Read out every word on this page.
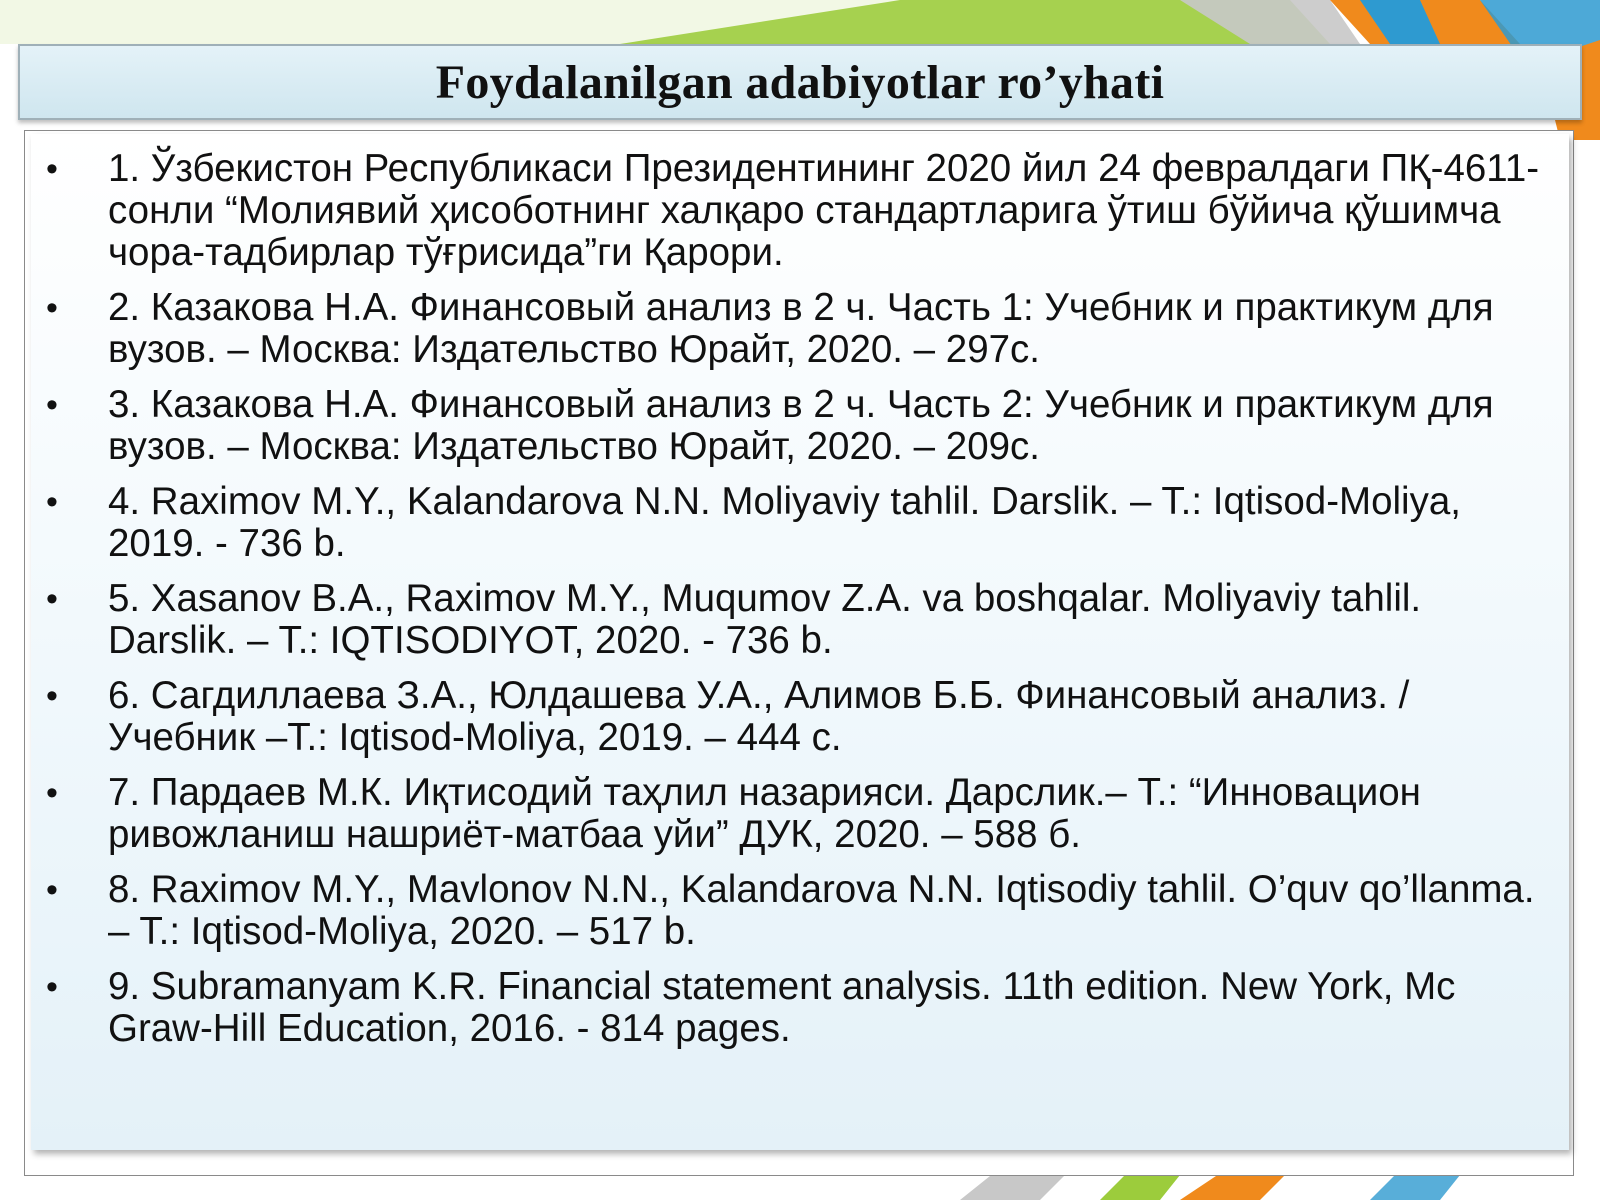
Foydalanilgan adabiyotlar ro’yhati
• 1. Ўзбекистон Республикаси Президентининг 2020 йил 24 февралдаги ПҚ-4611-сонли “Молиявий ҳисоботнинг халқаро стандартларига ўтиш бўйича қўшимча чора-тадбирлар тўғрисида”ги Қарори.
• 2. Казакова Н.А. Финансовый анализ в 2 ч. Часть 1: Учебник и практикум для вузов. – Москва: Издательство Юрайт, 2020. – 297с.
• 3. Казакова Н.А. Финансовый анализ в 2 ч. Часть 2: Учебник и практикум для вузов. – Москва: Издательство Юрайт, 2020. – 209с.
• 4. Raximov M.Y., Kalandarova N.N. Moliyaviy tahlil. Darslik. – T.: Iqtisod-Moliya, 2019. - 736 b.
• 5. Xasanov B.A., Raximov M.Y., Muqumov Z.A. va boshqalar. Moliyaviy tahlil. Darslik. – T.: IQTISODIYOT, 2020. - 736 b.
• 6. Сагдиллаева З.А., Юлдашева У.А., Алимов Б.Б. Финансовый анализ. / Учебник –Т.: Iqtisod-Moliya, 2019. – 444 с.
• 7. Пардаев М.К. Иқтисодий таҳлил назарияси. Дарслик.– Т.: “Инновацион ривожланиш нашриёт-матбаа уйи” ДУК, 2020. – 588 б.
• 8. Raximov M.Y., Mavlonov N.N., Kalandarova N.N. Iqtisodiy tahlil. O’quv qo’llanma. – T.: Iqtisod-Moliya, 2020. – 517 b.
• 9. Subramanyam K.R. Financial statement analysis. 11th edition. New York, Mc Graw-Hill Education, 2016. - 814 pages.
